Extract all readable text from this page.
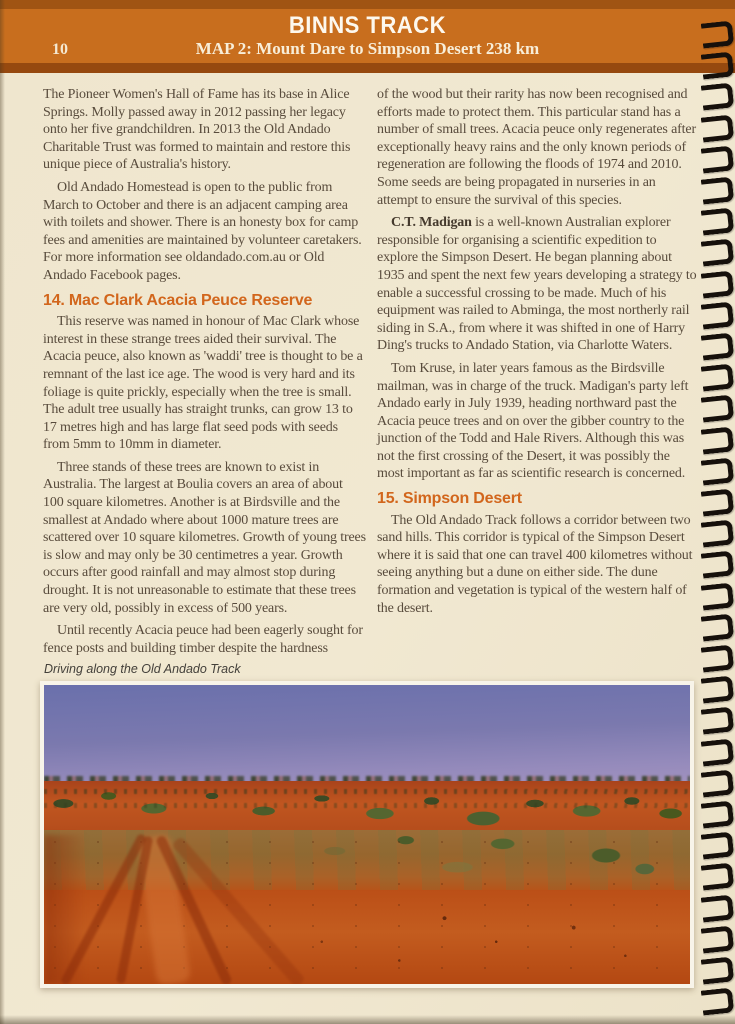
10
BINNS TRACK
MAP 2: Mount Dare to Simpson Desert 238 km

The Pioneer Women's Hall of Fame has its base in Alice Springs. Molly passed away in 2012 passing her legacy onto her five grandchildren. In 2013 the Old Andado Charitable Trust was formed to maintain and restore this unique piece of Australia's history.

Old Andado Homestead is open to the public from March to October and there is an adjacent camping area with toilets and shower. There is an honesty box for camp fees and amenities are maintained by volunteer caretakers. For more information see oldandado.com.au or Old Andado Facebook pages.

14. Mac Clark Acacia Peuce Reserve

This reserve was named in honour of Mac Clark whose interest in these strange trees aided their survival. The Acacia peuce, also known as 'waddi' tree is thought to be a remnant of the last ice age. The wood is very hard and its foliage is quite prickly, especially when the tree is small. The adult tree usually has straight trunks, can grow 13 to 17 metres high and has large flat seed pods with seeds from 5mm to 10mm in diameter.

Three stands of these trees are known to exist in Australia. The largest at Boulia covers an area of about 100 square kilometres. Another is at Birdsville and the smallest at Andado where about 1000 mature trees are scattered over 10 square kilometres. Growth of young trees is slow and may only be 30 centimetres a year. Growth occurs after good rainfall and may almost stop during drought. It is not unreasonable to estimate that these trees are very old, possibly in excess of 500 years.

Until recently Acacia peuce had been eagerly sought for fence posts and building timber despite the hardness

of the wood but their rarity has now been recognised and efforts made to protect them. This particular stand has a number of small trees. Acacia peuce only regenerates after exceptionally heavy rains and the only known periods of regeneration are following the floods of 1974 and 2010. Some seeds are being propagated in nurseries in an attempt to ensure the survival of this species.

C.T. Madigan is a well-known Australian explorer responsible for organising a scientific expedition to explore the Simpson Desert. He began planning about 1935 and spent the next few years developing a strategy to enable a successful crossing to be made. Much of his equipment was railed to Abminga, the most northerly rail siding in S.A., from where it was shifted in one of Harry Ding's trucks to Andado Station, via Charlotte Waters.

Tom Kruse, in later years famous as the Birdsville mailman, was in charge of the truck. Madigan's party left Andado early in July 1939, heading northward past the Acacia peuce trees and on over the gibber country to the junction of the Todd and Hale Rivers. Although this was not the first crossing of the Desert, it was possibly the most important as far as scientific research is concerned.

15. Simpson Desert

The Old Andado Track follows a corridor between two sand hills. This corridor is typical of the Simpson Desert where it is said that one can travel 400 kilometres without seeing anything but a dune on either side. The dune formation and vegetation is typical of the western half of the desert.

Driving along the Old Andado Track
